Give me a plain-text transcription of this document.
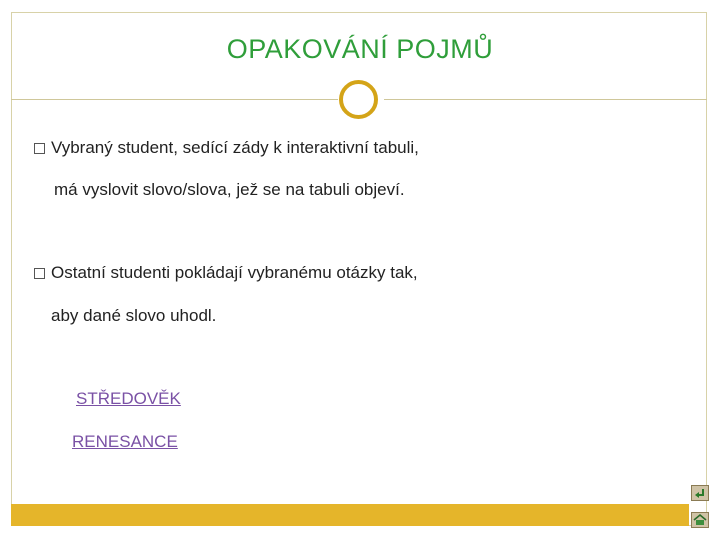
OPAKOVÁNÍ POJMŮ
Vybraný student, sedící zády k interaktivní tabuli,
má vyslovit slovo/slova, jež se na tabuli objeví.
Ostatní studenti pokládají vybranému otázky tak,
aby dané slovo uhodl.
STŘEDOVĚK
RENESANCE
